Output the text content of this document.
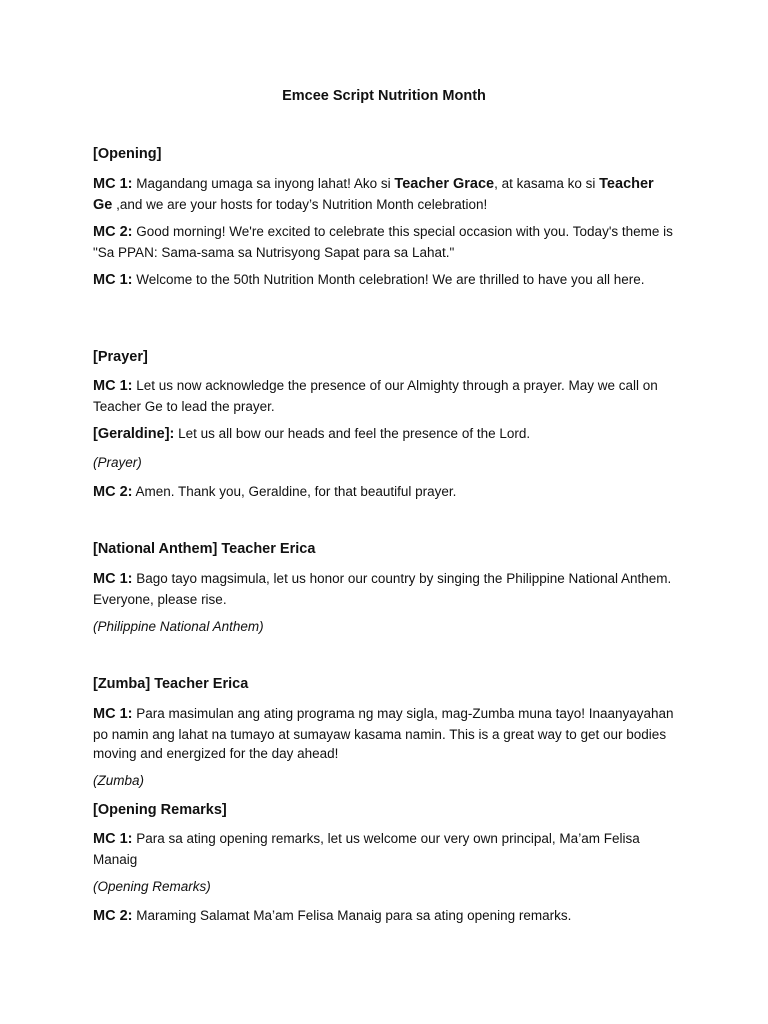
Emcee Script Nutrition Month
[Opening]
MC 1: Magandang umaga sa inyong lahat! Ako si Teacher Grace, at kasama ko si Teacher Ge ,and we are your hosts for today’s Nutrition Month celebration!
MC 2: Good morning! We're excited to celebrate this special occasion with you. Today's theme is "Sa PPAN: Sama-sama sa Nutrisyong Sapat para sa Lahat."
MC 1: Welcome to the 50th Nutrition Month celebration! We are thrilled to have you all here.
[Prayer]
MC 1: Let us now acknowledge the presence of our Almighty through a prayer. May we call on Teacher Ge to lead the prayer.
[Geraldine]: Let us all bow our heads and feel the presence of the Lord.
(Prayer)
MC 2: Amen. Thank you, Geraldine, for that beautiful prayer.
[National Anthem] Teacher Erica
MC 1: Bago tayo magsimula, let us honor our country by singing the Philippine National Anthem. Everyone, please rise.
(Philippine National Anthem)
[Zumba] Teacher Erica
MC 1: Para masimulan ang ating programa ng may sigla, mag-Zumba muna tayo! Inaanyayahan po namin ang lahat na tumayo at sumayaw kasama namin. This is a great way to get our bodies moving and energized for the day ahead!
(Zumba)
[Opening Remarks]
MC 1: Para sa ating opening remarks, let us welcome our very own principal, Ma’am Felisa Manaig
(Opening Remarks)
MC 2: Maraming Salamat Ma’am Felisa Manaig para sa ating opening remarks.
